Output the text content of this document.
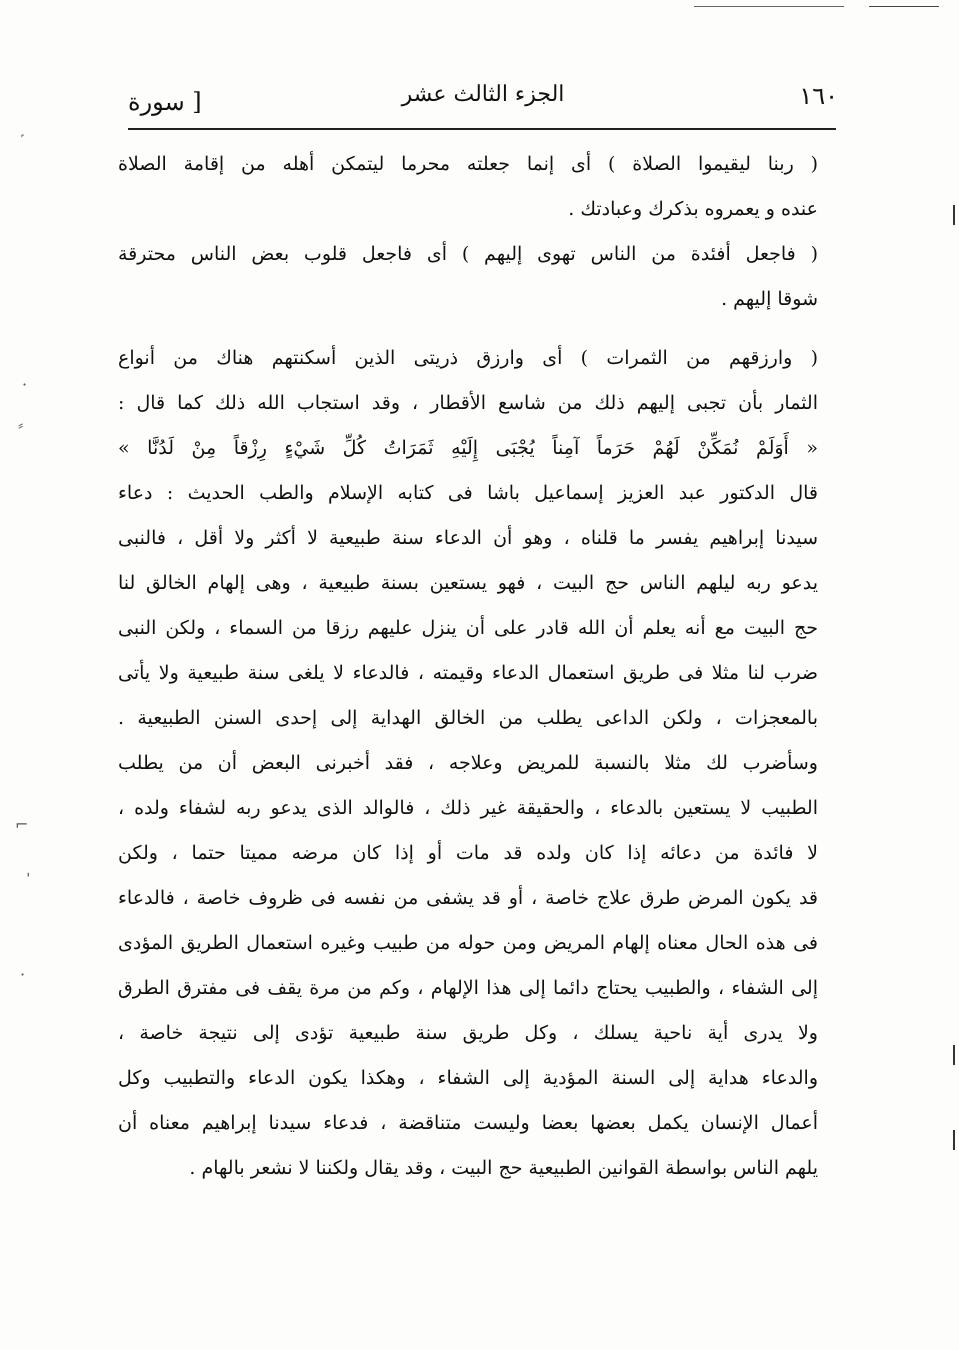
١٦٠
الجزء الثالث عشر
[ سورة
( ربنا ليقيموا الصلاة ) أى إنما جعلته محرما ليتمكن أهله من إقامة الصلاة
عنده و يعمروه بذكرك وعبادتك .
( فاجعل أفئدة من الناس تهوى إليهم ) أى فاجعل قلوب بعض الناس محترقة
شوقا إليهم .
( وارزقهم من الثمرات ) أى وارزق ذريتى الذين أسكنتهم هناك من أنواع
الثمار بأن تجبى إليهم ذلك من شاسع الأقطار ، وقد استجاب الله ذلك كما قال :
« أَوَلَمْ نُمَكِّنْ لَهُمْ حَرَماً آمِناً يُجْبَى إِلَيْهِ ثَمَرَاتُ كُلِّ شَيْءٍ رِزْقاً مِنْ لَدُنَّا »
قال الدكتور عبد العزيز إسماعيل باشا فى كتابه الإسلام والطب الحديث : دعاء
سيدنا إبراهيم يفسر ما قلناه ، وهو أن الدعاء سنة طبيعية لا أكثر ولا أقل ، فالنبى
يدعو ربه ليلهم الناس حج البيت ، فهو يستعين بسنة طبيعية ، وهى إلهام الخالق لنا
حج البيت مع أنه يعلم أن الله قادر على أن ينزل عليهم رزقا من السماء ، ولكن النبى
ضرب لنا مثلا فى طريق استعمال الدعاء وقيمته ، فالدعاء لا يلغى سنة طبيعية ولا يأتى
بالمعجزات ، ولكن الداعى يطلب من الخالق الهداية إلى إحدى السنن الطبيعية .
وسأضرب لك مثلا بالنسبة للمريض وعلاجه ، فقد أخبرنى البعض أن من يطلب
الطبيب لا يستعين بالدعاء ، والحقيقة غير ذلك ، فالوالد الذى يدعو ربه لشفاء ولده ،
لا فائدة من دعائه إذا كان ولده قد مات أو إذا كان مرضه مميتا حتما ، ولكن
قد يكون المرض طرق علاج خاصة ، أو قد يشفى من نفسه فى ظروف خاصة ، فالدعاء
فى هذه الحال معناه إلهام المريض ومن حوله من طبيب وغيره استعمال الطريق المؤدى
إلى الشفاء ، والطبيب يحتاج دائما إلى هذا الإلهام ، وكم من مرة يقف فى مفترق الطرق
ولا يدرى أية ناحية يسلك ، وكل طريق سنة طبيعية تؤدى إلى نتيجة خاصة ،
والدعاء هداية إلى السنة المؤدية إلى الشفاء ، وهكذا يكون الدعاء والتطبيب وكل
أعمال الإنسان يكمل بعضها بعضا وليست متناقضة ، فدعاء سيدنا إبراهيم معناه أن
يلهم الناس بواسطة القوانين الطبيعية حج البيت ، وقد يقال ولكننا لا نشعر بالهام .
˹
·
⸗
⌐
ˈ
·
